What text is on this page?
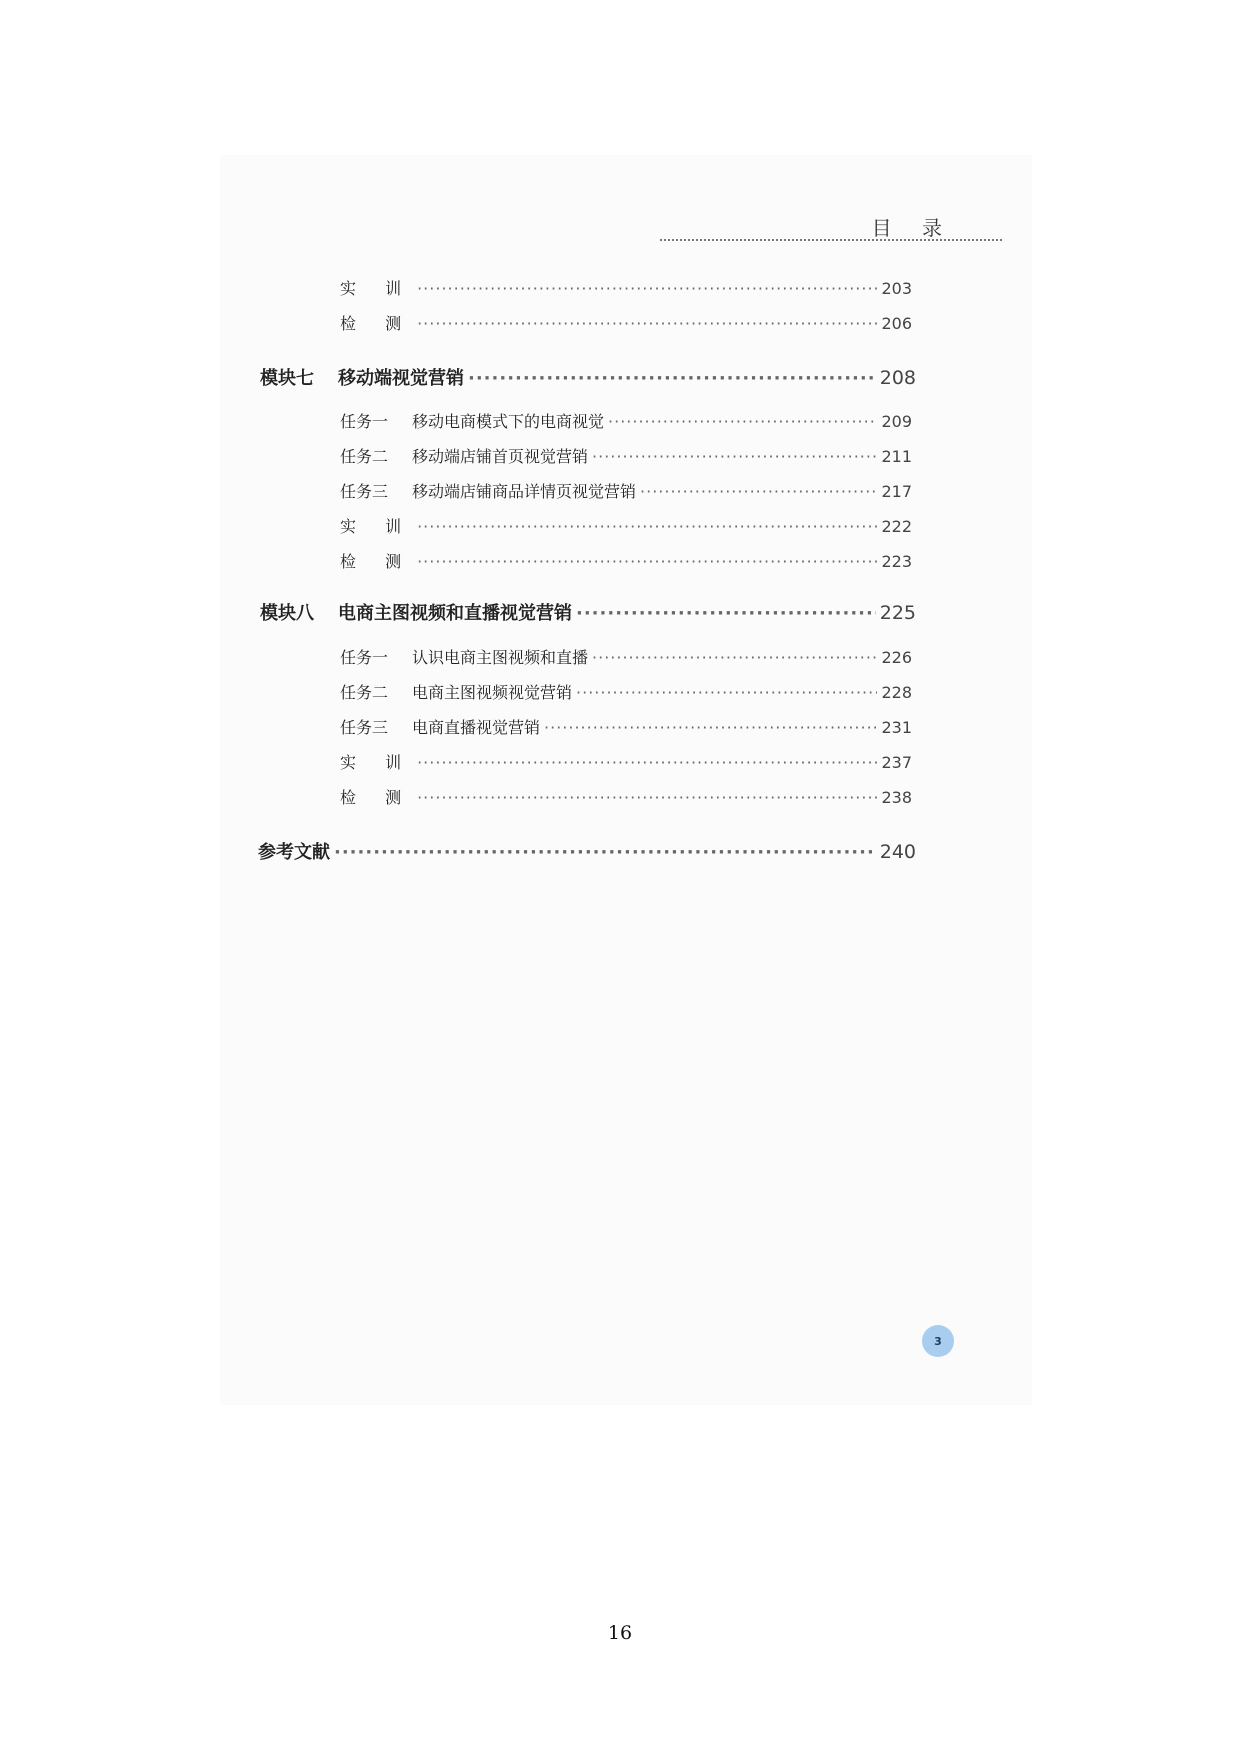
目 录
实 训 ·····	203
检 测 ·····	206
模块七	移动端视觉营销 ·····	208
任务一	移动电商模式下的电商视觉 ·····	209
任务二	移动端店铺首页视觉营销 ·····	211
任务三	移动端店铺商品详情页视觉营销 ·····	217
实 训 ·····	222
检 测 ·····	223
模块八	电商主图视频和直播视觉营销 ·····	225
任务一	认识电商主图视频和直播 ·····	226
任务二	电商主图视频视觉营销 ·····	228
任务三	电商直播视觉营销 ·····	231
实 训 ·····	237
检 测 ·····	238
参考文献 ·····	240
3
16
